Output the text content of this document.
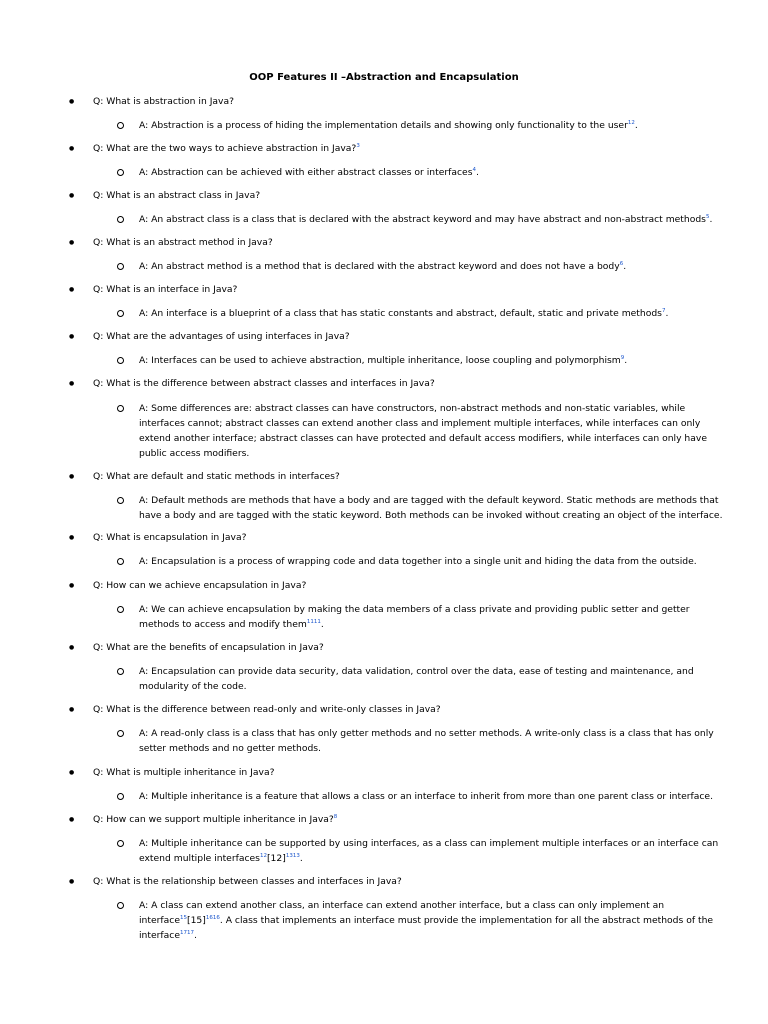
OOP Features II –Abstraction and Encapsulation
● Q: What is abstraction in Java?
A: Abstraction is a process of hiding the implementation details and showing only functionality to the user$^{12}$.
● Q: What are the two ways to achieve abstraction in Java?$^3$
A: Abstraction can be achieved with either abstract classes or interfaces$^4$.
● Q: What is an abstract class in Java?
A: An abstract class is a class that is declared with the abstract keyword and may have abstract and non-abstract methods$^5$.
● Q: What is an abstract method in Java?
A: An abstract method is a method that is declared with the abstract keyword and does not have a body$^6$.
● Q: What is an interface in Java?
A: An interface is a blueprint of a class that has static constants and abstract, default, static and private methods$^7$.
● Q: What are the advantages of using interfaces in Java?
A: Interfaces can be used to achieve abstraction, multiple inheritance, loose coupling and polymorphism$^9$.
● Q: What is the difference between abstract classes and interfaces in Java?
A: Some differences are: abstract classes can have constructors, non-abstract methods and non-static variables, while interfaces cannot; abstract classes can extend another class and implement multiple interfaces, while interfaces can only extend another interface; abstract classes can have protected and default access modifiers, while interfaces can only have public access modifiers.
● Q: What are default and static methods in interfaces?
A: Default methods are methods that have a body and are tagged with the default keyword. Static methods are methods that have a body and are tagged with the static keyword. Both methods can be invoked without creating an object of the interface.
● Q: What is encapsulation in Java?
A: Encapsulation is a process of wrapping code and data together into a single unit and hiding the data from the outside.
● Q: How can we achieve encapsulation in Java?
A: We can achieve encapsulation by making the data members of a class private and providing public setter and getter methods to access and modify them$^{1111}$.
● Q: What are the benefits of encapsulation in Java?
A: Encapsulation can provide data security, data validation, control over the data, ease of testing and maintenance, and modularity of the code.
● Q: What is the difference between read-only and write-only classes in Java?
A: A read-only class is a class that has only getter methods and no setter methods. A write-only class is a class that has only setter methods and no getter methods.
● Q: What is multiple inheritance in Java?
A: Multiple inheritance is a feature that allows a class or an interface to inherit from more than one parent class or interface.
● Q: How can we support multiple inheritance in Java?$^8$
A: Multiple inheritance can be supported by using interfaces, as a class can implement multiple interfaces or an interface can extend multiple $interfaces^{12}[12]^{1313}$.
● Q: What is the relationship between classes and interfaces in Java?
A: A class can extend another class, an interface can extend another interface, but a class can only implement an $interface^{15}[15]^{1616}$. A class that implements an interface must provide the implementation for all the abstract methods of the interface$^{1717}$.
